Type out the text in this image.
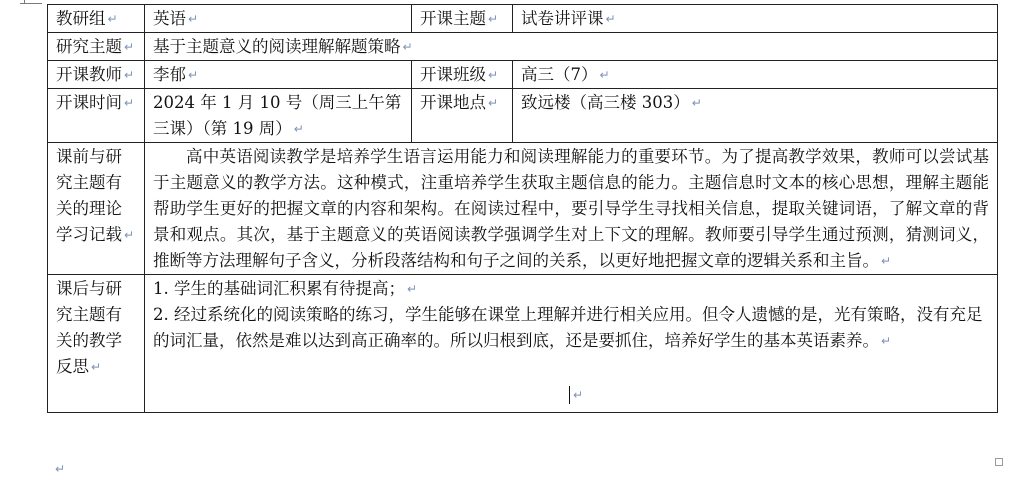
教研组 ↵	英语 ↵	开课主题 ↵	试卷讲评课 ↵
研究主题 ↵	基于主题意义的阅读理解解题策略 ↵		
开课教师 ↵	李郁 ↵	开课班级 ↵	高三（7） ↵
开课时间 ↵	2024 年 1 月 10 号（周三上午第三课）（第 19 周） ↵	开课地点 ↵	致远楼（高三楼 303） ↵
课前与研究主题有关的理论学习记载 ↵	高中英语阅读教学是培养学生语言运用能力和阅读理解能力的重要环节。为了提高教学效果，教师可以尝试基于主题意义的教学方法。这种模式，注重培养学生获取主题信息的能力。主题信息时文本的核心思想，理解主题能帮助学生更好的把握文章的内容和架构。在阅读过程中，要引导学生寻找相关信息，提取关键词语，了解文章的背景和观点。其次，基于主题意义的英语阅读教学强调学生对上下文的理解。教师要引导学生通过预测，猜测词义，推断等方法理解句子含义，分析段落结构和句子之间的关系，以更好地把握文章的逻辑关系和主旨。 ↵		

课后与研究主题有关的教学反思 ↵	1. 学生的基础词汇积累有待提高； ↵
2. 经过系统化的阅读策略的练习，学生能够在课堂上理解并进行相关应用。但令人遗憾的是，光有策略，没有充足的词汇量，依然是难以达到高正确率的。所以归根到底，还是要抓住，培养好学生的基本英语素养。 ↵
↵		
↵
